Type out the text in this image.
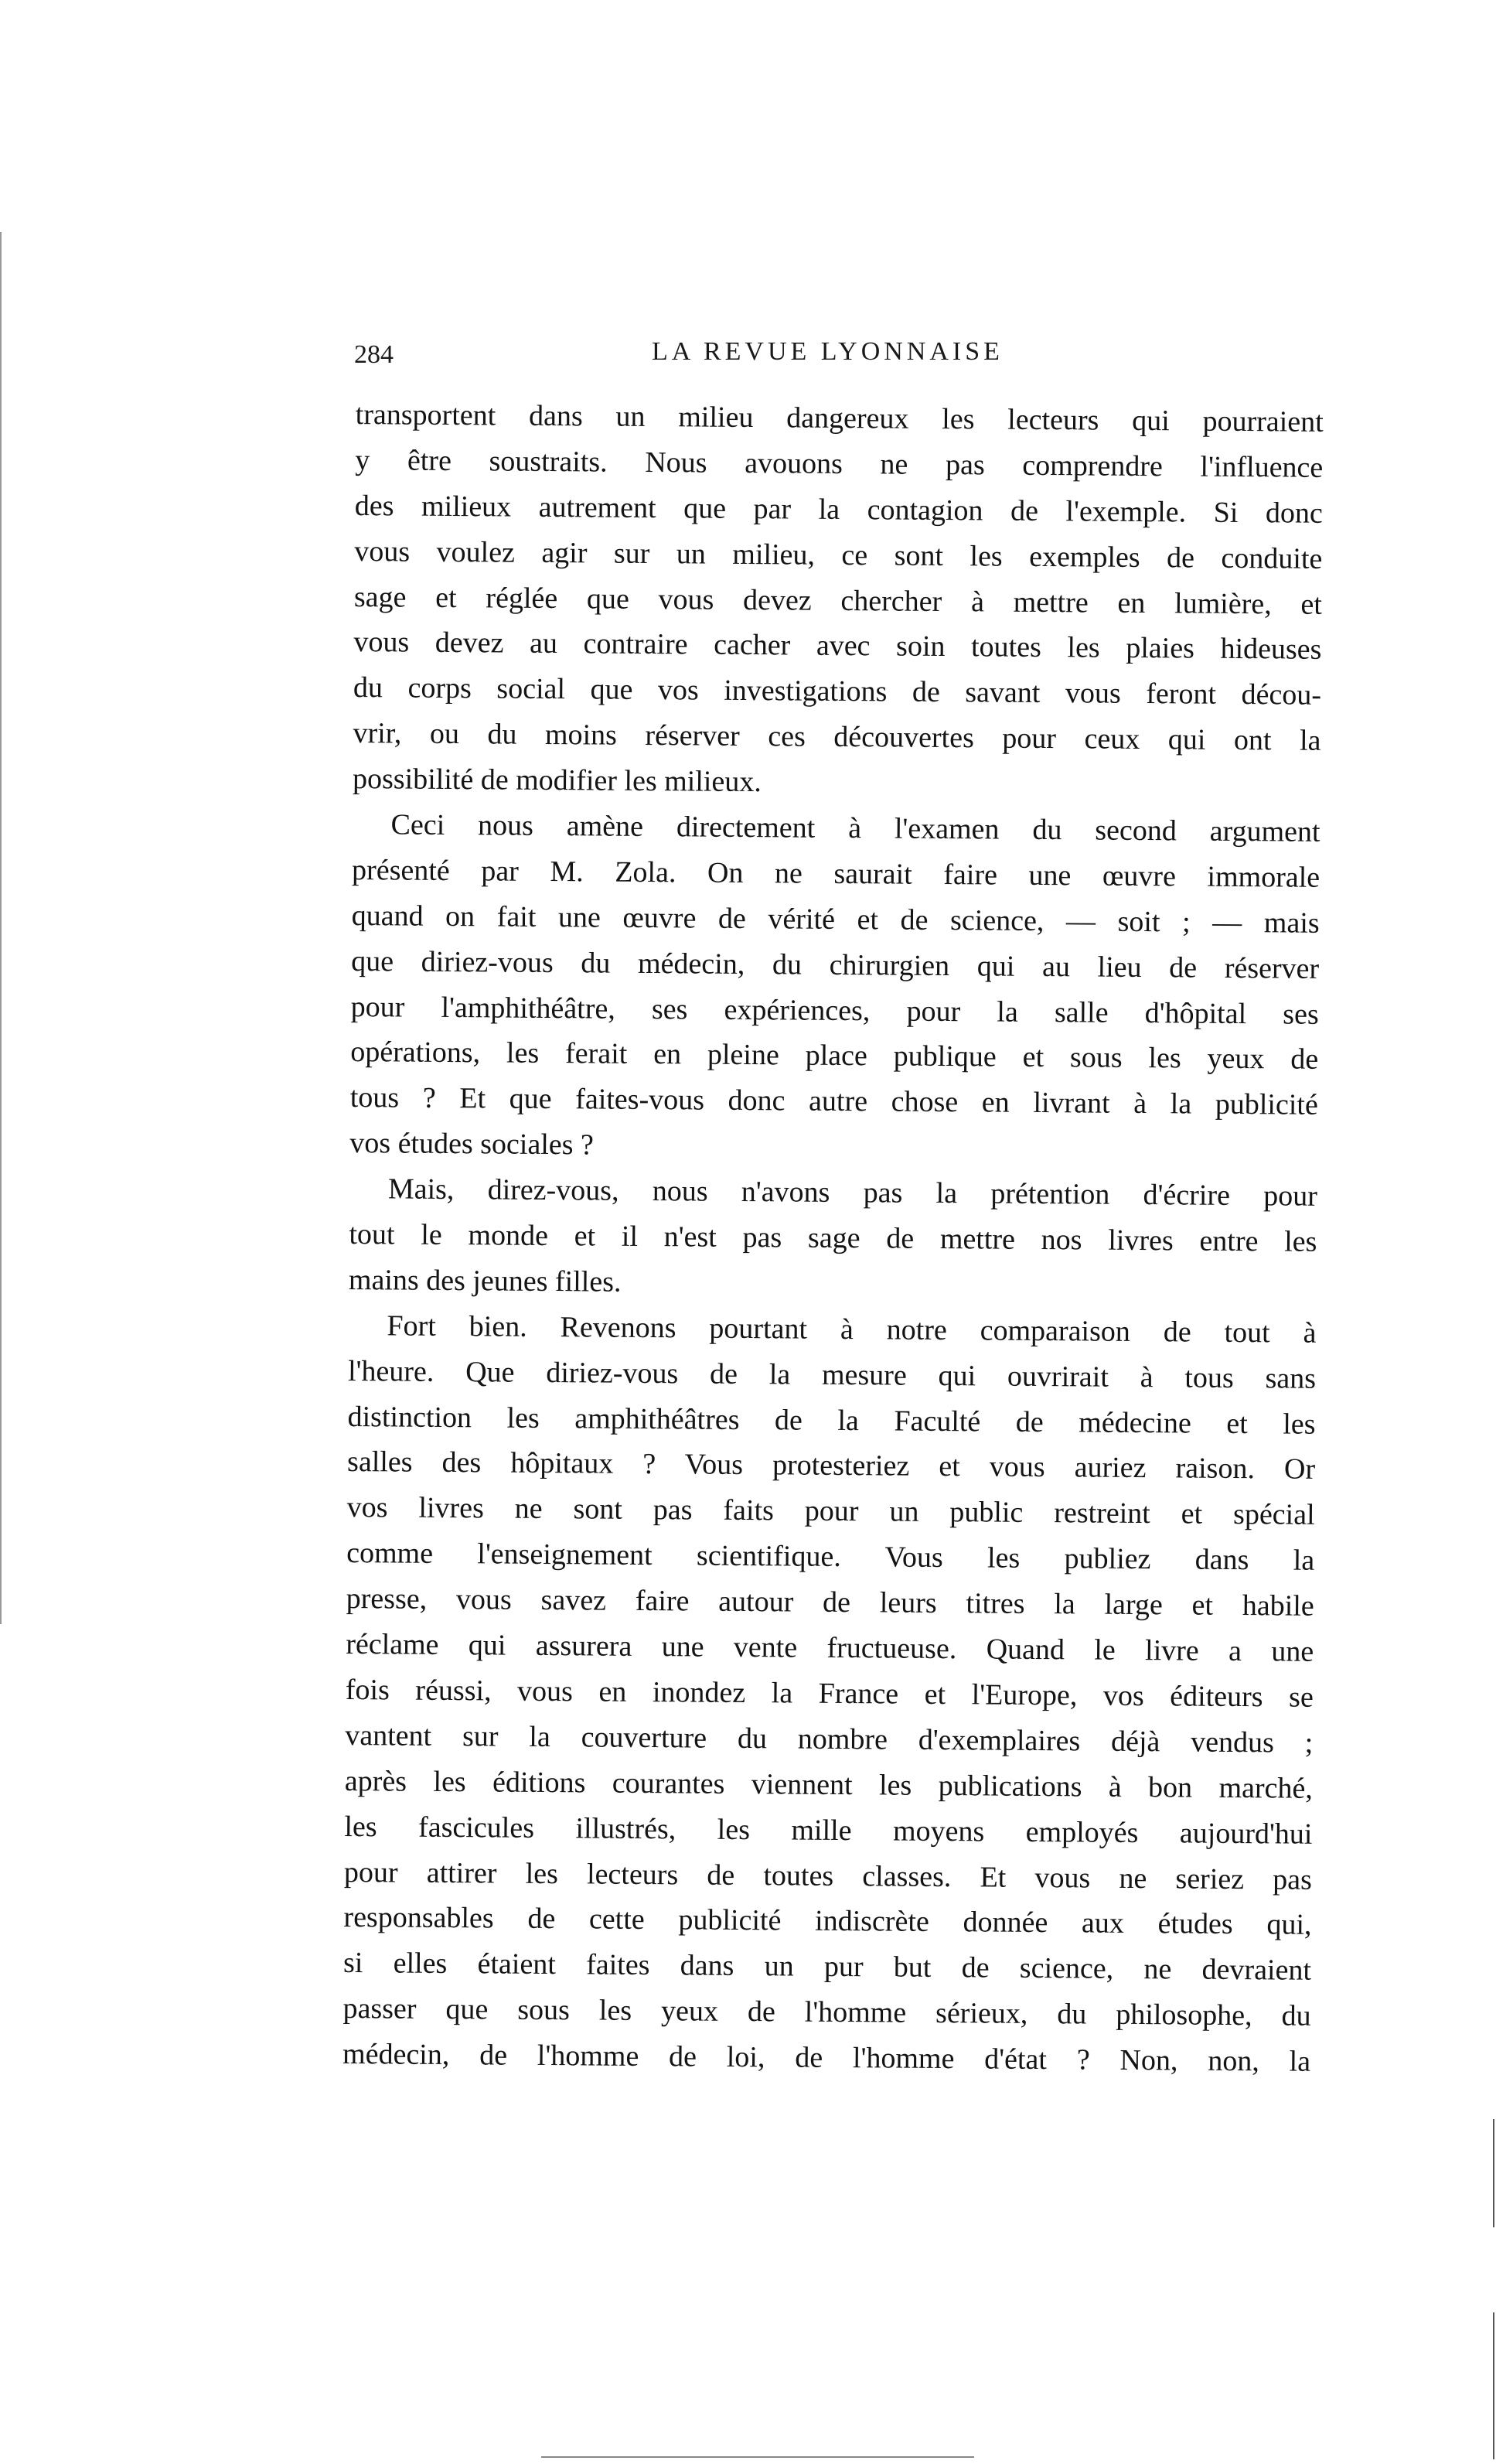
284	LA REVUE LYONNAISE
transportent dans un milieu dangereux les lecteurs qui pourraient
y être soustraits. Nous avouons ne pas comprendre l'influence
des milieux autrement que par la contagion de l'exemple. Si donc
vous voulez agir sur un milieu, ce sont les exemples de conduite
sage et réglée que vous devez chercher à mettre en lumière, et
vous devez au contraire cacher avec soin toutes les plaies hideuses
du corps social que vos investigations de savant vous feront décou-
vrir, ou du moins réserver ces découvertes pour ceux qui ont la
possibilité de modifier les milieux.
Ceci nous amène directement à l'examen du second argument
présenté par M. Zola. On ne saurait faire une œuvre immorale
quand on fait une œuvre de vérité et de science, — soit ; — mais
que diriez-vous du médecin, du chirurgien qui au lieu de réserver
pour l'amphithéâtre, ses expériences, pour la salle d'hôpital ses
opérations, les ferait en pleine place publique et sous les yeux de
tous ? Et que faites-vous donc autre chose en livrant à la publicité
vos études sociales ?
Mais, direz-vous, nous n'avons pas la prétention d'écrire pour
tout le monde et il n'est pas sage de mettre nos livres entre les
mains des jeunes filles.
Fort bien. Revenons pourtant à notre comparaison de tout à
l'heure. Que diriez-vous de la mesure qui ouvrirait à tous sans
distinction les amphithéâtres de la Faculté de médecine et les
salles des hôpitaux ? Vous protesteriez et vous auriez raison. Or
vos livres ne sont pas faits pour un public restreint et spécial
comme l'enseignement scientifique. Vous les publiez dans la
presse, vous savez faire autour de leurs titres la large et habile
réclame qui assurera une vente fructueuse. Quand le livre a une
fois réussi, vous en inondez la France et l'Europe, vos éditeurs se
vantent sur la couverture du nombre d'exemplaires déjà vendus ;
après les éditions courantes viennent les publications à bon marché,
les fascicules illustrés, les mille moyens employés aujourd'hui
pour attirer les lecteurs de toutes classes. Et vous ne seriez pas
responsables de cette publicité indiscrète donnée aux études qui,
si elles étaient faites dans un pur but de science, ne devraient
passer que sous les yeux de l'homme sérieux, du philosophe, du
médecin, de l'homme de loi, de l'homme d'état ? Non, non, la
